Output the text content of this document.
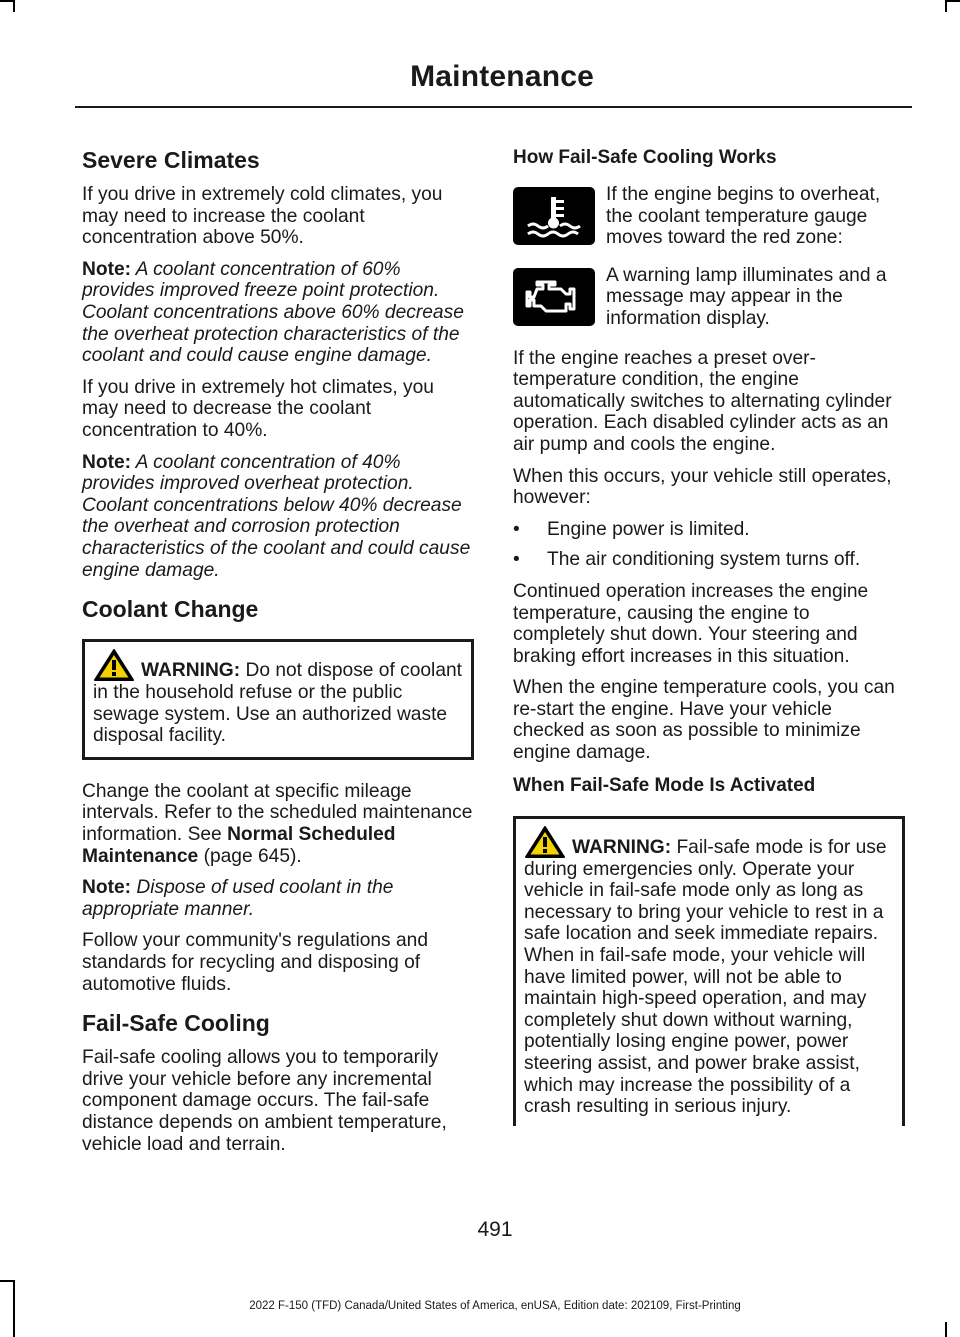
Maintenance
Severe Climates

If you drive in extremely cold climates, you may need to increase the coolant concentration above 50%.

Note: A coolant concentration of 60% provides improved freeze point protection. Coolant concentrations above 60% decrease the overheat protection characteristics of the coolant and could cause engine damage.

If you drive in extremely hot climates, you may need to decrease the coolant concentration to 40%.

Note: A coolant concentration of 40% provides improved overheat protection. Coolant concentrations below 40% decrease the overheat and corrosion protection characteristics of the coolant and could cause engine damage.

Coolant Change
WARNING: Do not dispose of coolant in the household refuse or the public sewage system. Use an authorized waste disposal facility.

Change the coolant at specific mileage intervals. Refer to the scheduled maintenance information. See Normal Scheduled Maintenance (page 645).

Note: Dispose of used coolant in the appropriate manner.

Follow your community's regulations and standards for recycling and disposing of automotive fluids.

Fail-Safe Cooling

Fail-safe cooling allows you to temporarily drive your vehicle before any incremental component damage occurs. The fail-safe distance depends on ambient temperature, vehicle load and terrain.

How Fail-Safe Cooling Works
If the engine begins to overheat, the coolant temperature gauge moves toward the red zone:
A warning lamp illuminates and a message may appear in the information display.

If the engine reaches a preset over-temperature condition, the engine automatically switches to alternating cylinder operation. Each disabled cylinder acts as an air pump and cools the engine.

When this occurs, your vehicle still operates, however:

• Engine power is limited.
• The air conditioning system turns off.

Continued operation increases the engine temperature, causing the engine to completely shut down. Your steering and braking effort increases in this situation.

When the engine temperature cools, you can re-start the engine. Have your vehicle checked as soon as possible to minimize engine damage.

When Fail-Safe Mode Is Activated
WARNING: Fail-safe mode is for use during emergencies only. Operate your vehicle in fail-safe mode only as long as necessary to bring your vehicle to rest in a safe location and seek immediate repairs. When in fail-safe mode, your vehicle will have limited power, will not be able to maintain high-speed operation, and may completely shut down without warning, potentially losing engine power, power steering assist, and power brake assist, which may increase the possibility of a crash resulting in serious injury.
491
2022 F-150 (TFD) Canada/United States of America, enUSA, Edition date: 202109, First-Printing
